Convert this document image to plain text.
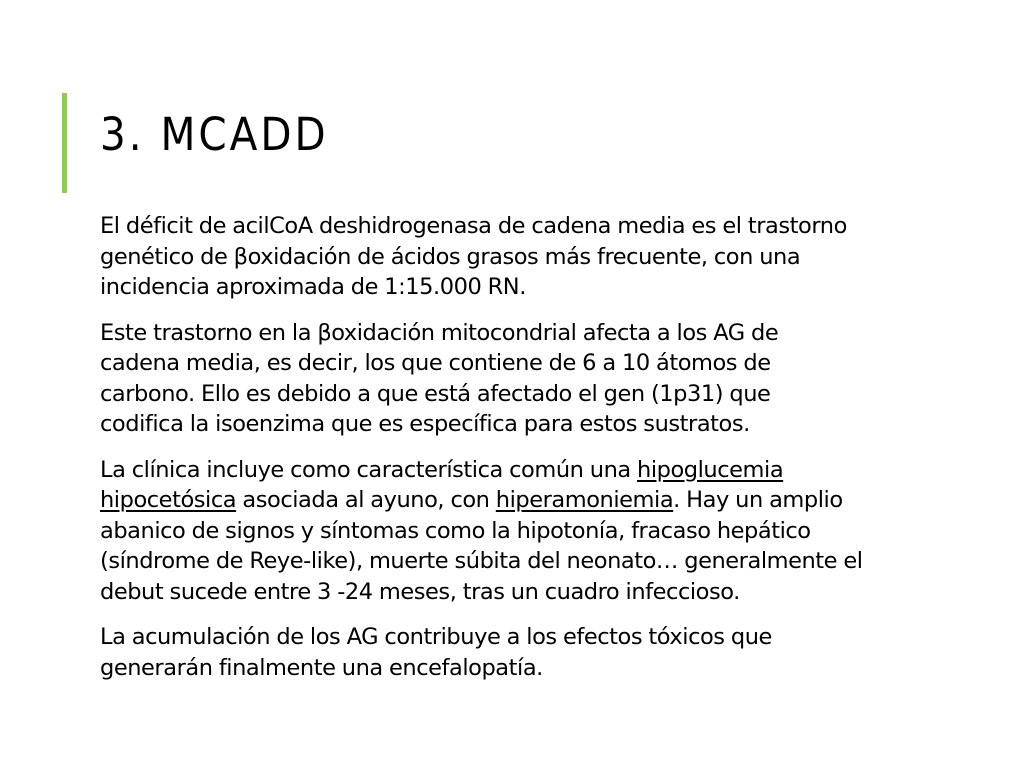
3. MCADD

El déficit de acilCoA deshidrogenasa de cadena media es el trastorno
genético de βoxidación de ácidos grasos más frecuente, con una
incidencia aproximada de 1:15.000 RN.

Este trastorno en la βoxidación mitocondrial afecta a los AG de
cadena media, es decir, los que contiene de 6 a 10 átomos de
carbono. Ello es debido a que está afectado el gen (1p31) que
codifica la isoenzima que es específica para estos sustratos.

La clínica incluye como característica común una hipoglucemia
hipocetósica asociada al ayuno, con hiperamoniemia. Hay un amplio
abanico de signos y síntomas como la hipotonía, fracaso hepático
(síndrome de Reye-like), muerte súbita del neonato… generalmente el
debut sucede entre 3 -24 meses, tras un cuadro infeccioso.

La acumulación de los AG contribuye a los efectos tóxicos que
generarán finalmente una encefalopatía.
